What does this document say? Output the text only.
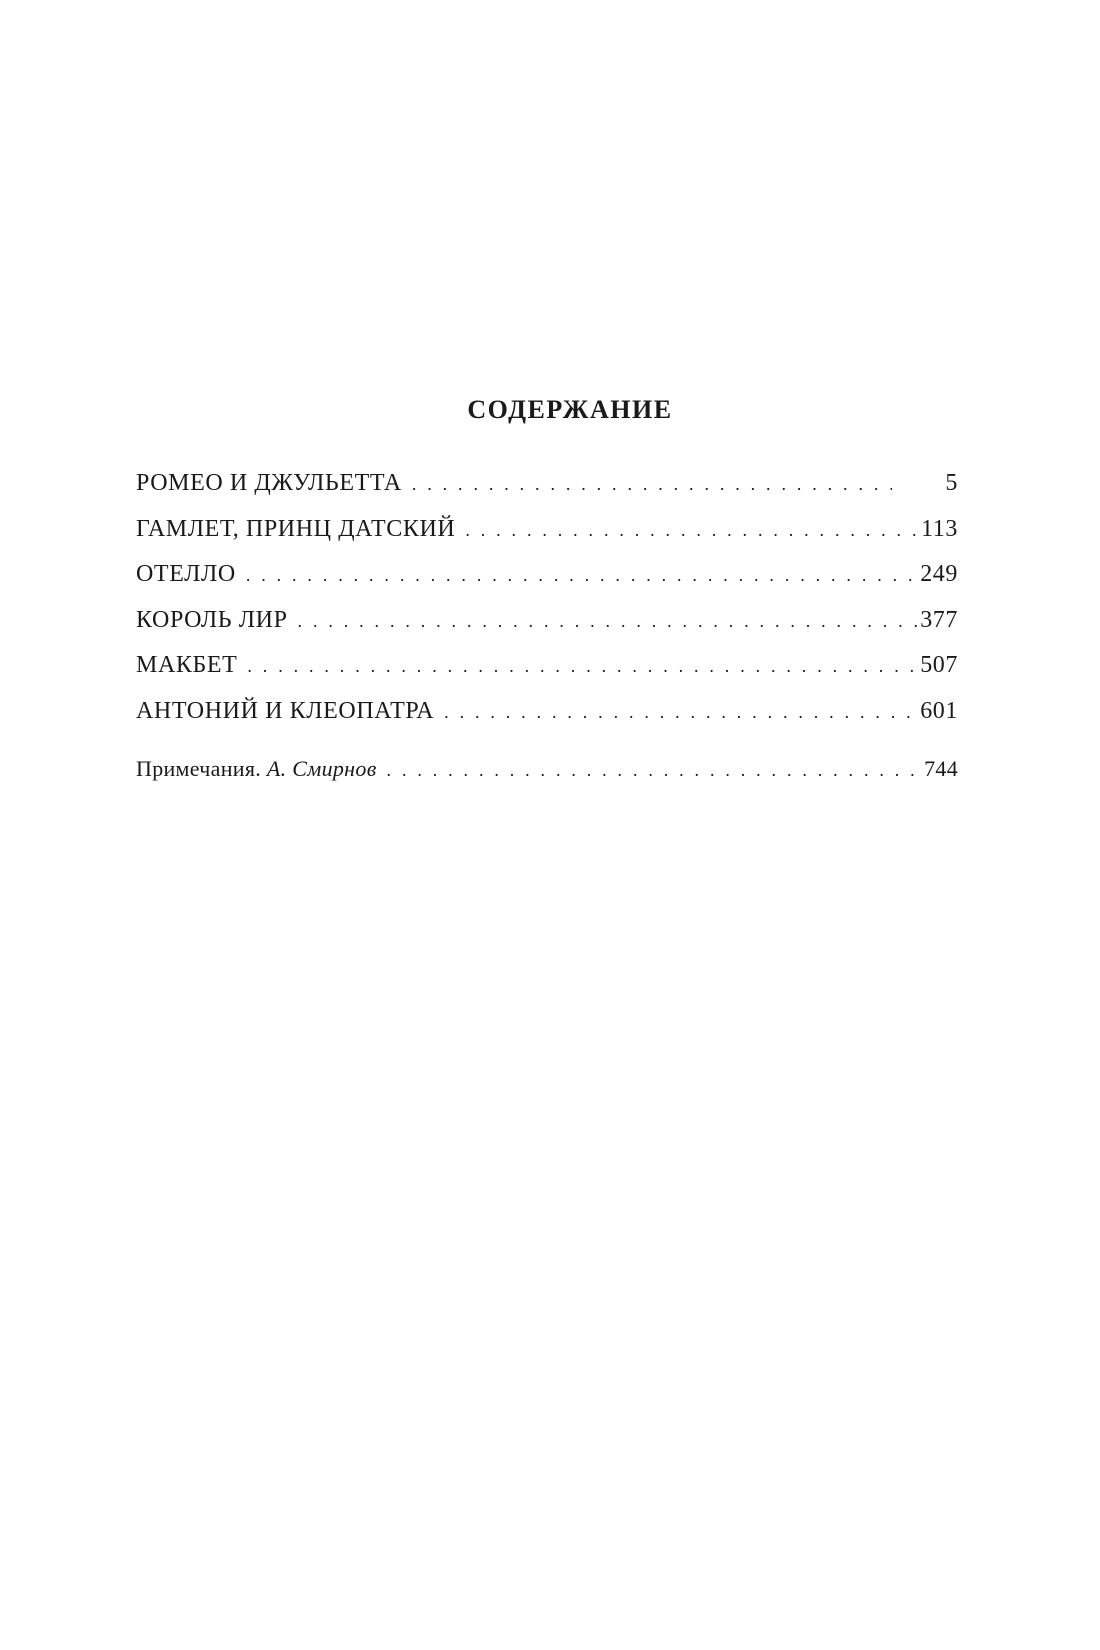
СОДЕРЖАНИЕ
РОМЕО И ДЖУЛЬЕТТА . . .	5
ГАМЛЕТ, ПРИНЦ ДАТСКИЙ . . .	113
ОТЕЛЛО . . .	249
КОРОЛЬ ЛИР . . .	377
МАКБЕТ . . .	507
АНТОНИЙ И КЛЕОПАТРА . . .	601
Примечания. А. Смирнов . . .	744
